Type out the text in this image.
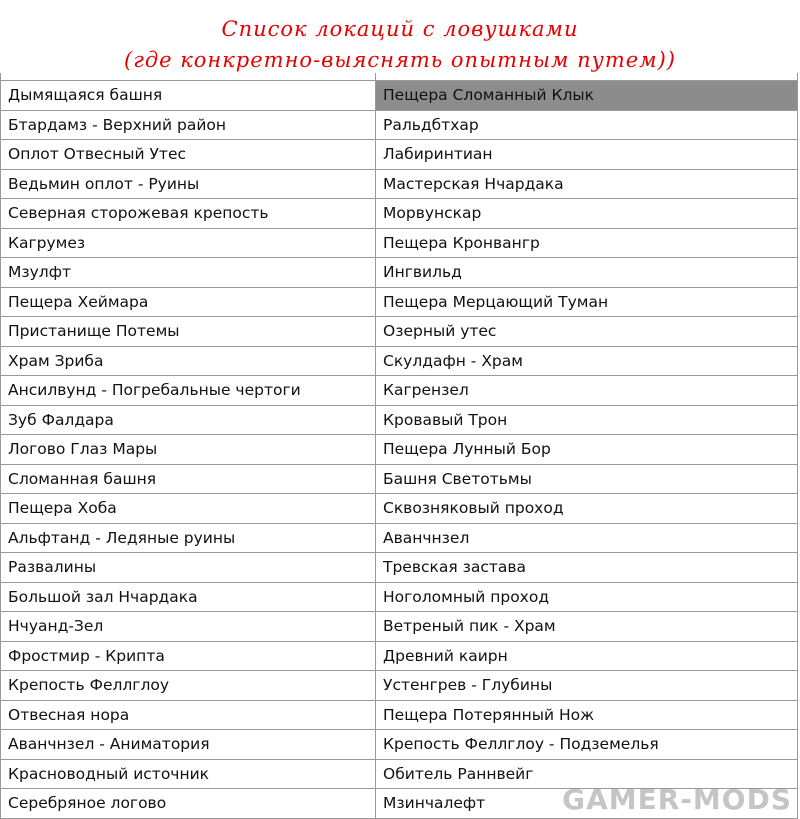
Дымящаяся башня	Пещера Сломанный Клык
Бтардамз - Верхний район	Ральдбтхар
Оплот Отвесный Утес	Лабиринтиан
Ведьмин оплот - Руины	Мастерская Нчардака
Северная сторожевая крепость	Морвунскар
Кагрумез	Пещера Кронвангр
Мзулфт	Ингвильд
Пещера Хеймара	Пещера Мерцающий Туман
Пристанище Потемы	Озерный утес
Храм Зриба	Скулдафн - Храм
Ансилвунд - Погребальные чертоги	Кагрензел
Зуб Фалдара	Кровавый Трон
Логово Глаз Мары	Пещера Лунный Бор
Сломанная башня	Башня Светотьмы
Пещера Хоба	Сквозняковый проход
Альфтанд - Ледяные руины	Аванчнзел
Развалины	Тревская застава
Большой зал Нчардака	Ноголомный проход
Нчуанд-Зел	Ветреный пик - Храм
Фростмир - Крипта	Древний каирн
Крепость Феллглоу	Устенгрев - Глубины
Отвесная нора	Пещера Потерянный Нож
Аванчнзел - Аниматория	Крепость Феллглоу - Подземелья
Красноводный источник	Обитель Раннвейг
Серебряное логово	Мзинчалефт
Список локаций с ловушками
(где конкретно-выяснять опытным путем))
GAMER-MODS
